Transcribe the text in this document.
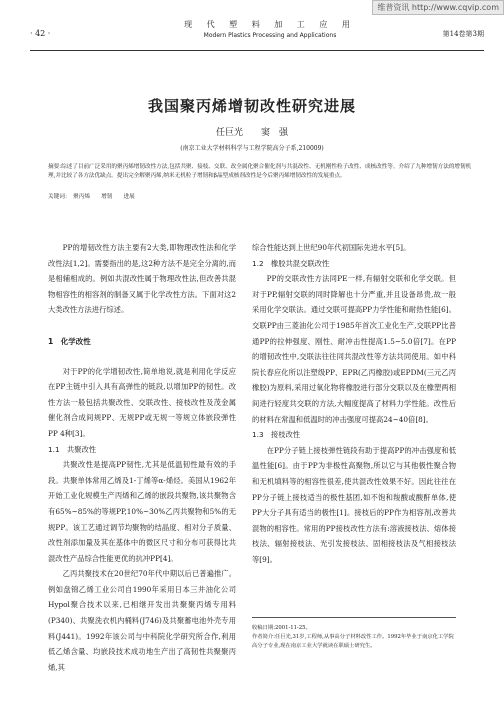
维普资讯 http://www.cqvip.com
· 42 ·
现 代 塑 料 加 工 应 用
Modern Plastics Processing and Applications	第14卷第3期
我国聚丙烯增韧改性研究进展
任巨光　　窦　强
(南京工业大学材料科学与工程学院高分子系,210009)
摘要:综述了目前广泛采用的聚丙烯增韧改性方法,包括共聚、接枝、交联、改全属化聚合催化剂与共混改性、无机刚性粒子改性、成核改性等。介绍了九种增韧方法的增韧机理,并比较了各方法优缺点。提出完全解聚丙烯,纳米无机粒子增韧和β晶型成核剂改性是今后聚丙烯增韧改性的发展重点。
关键词：　聚丙烯　　增韧　　进展

PP的增韧改性方法主要有2大类,即物理改性法和化学改性法[1,2]。需要指出的是,这2种方法不是完全分离的,而是相辅相成的。例如共混改性属于物理改性法,但改善共混物相容性的相容剂的制备又属于化学改性方法。下面对这2大类改性方法进行综述。

1　化学改性

对于PP的化学增韧改性,简单地说,就是利用化学反应在PP主链中引入具有高弹性的链段,以增加PP的韧性。改性方法一般包括共聚改性、交联改性、接枝改性及茂金属催化剂合成间规PP、无规PP或无规一等规立体嵌段弹性PP 4种[3]。

1.1　共聚改性

共聚改性是提高PP韧性,尤其是低温韧性最有效的手段。共聚单体常用乙烯及1-丁烯等α-烯烃。美国从1962年开始工业化规模生产丙烯和乙烯的嵌段共聚物,该共聚物含有65%~85%的等规PP,10%~30%乙丙共聚物和5%的无规PP。该工艺通过调节均聚物的结晶度、相对分子质量、改性剂添加量及其在基体中的微区尺寸和分布可获得比共混改性产品综合性能更优的抗冲PP[4]。

乙丙共聚技术在20世纪70年代中期以后已普遍推广。例如盘锦乙烯工业公司自1990年采用日本三井油化公司Hypol聚合技术以来,已相继开发出共聚聚丙烯专用料(P340)、共聚洗衣机内桶料(J746)及共聚蓄电池外壳专用料(J441)。1992年该公司与中科院化学研究所合作,利用低乙烯含量、均嵌段技术成功地生产出了高韧性共聚聚丙烯,其

综合性能达到上世纪90年代初国际先进水平[5]。

1.2　橡胶共混交联改性

PP的交联改性方法同PE一样,有辐射交联和化学交联。但对于PP,辐射交联的同时降解也十分严重,并且设备昂贵,故一般采用化学交联法。通过交联可提高PP力学性能和耐热性能[6]。交联PP由三菱油化公司于1985年首次工业化生产,交联PP比普通PP的拉伸强度、刚性、耐冲击性提高1.5~5.0倍[7]。在PP的增韧改性中,交联法往往同共混改性等方法共同使用。如中科院长春应化所以注塑级PP、EPR(乙丙橡胶)或EPDM(三元乙丙橡胶)为原料,采用过氧化物将橡胶进行部分交联以及在橡塑两相间进行轻度共交联的方法,大幅度提高了材料力学性能。改性后的材料在常温和低温时的冲击强度可提高24~40倍[8]。

1.3　接枝改性

在PP分子链上接枝弹性链段有助于提高PP的冲击强度和低温性能[6]。由于PP为非极性高聚物,所以它与其他极性聚合物和无机填料等的相容性很差,使共混改性效果不好。因此往往在PP分子链上接枝适当的极性基团,如不饱和羧酸或酸酐单体,使PP大分子具有适当的极性[1]。接枝后的PP作为相容剂,改善共混物的相容性。常用的PP接枝改性方法有:溶液接枝法、熔体接枝法、辐射接枝法、光引发接枝法、固相接枝法及气相接枝法等[9]。

收稿日期:2001-11-25。
作者简介:任巨光,31岁,工程师,从事高分子材料改性工作。1992年毕业于南京化工学院高分子专业,现在南京工业大学就读在职硕士研究生。
